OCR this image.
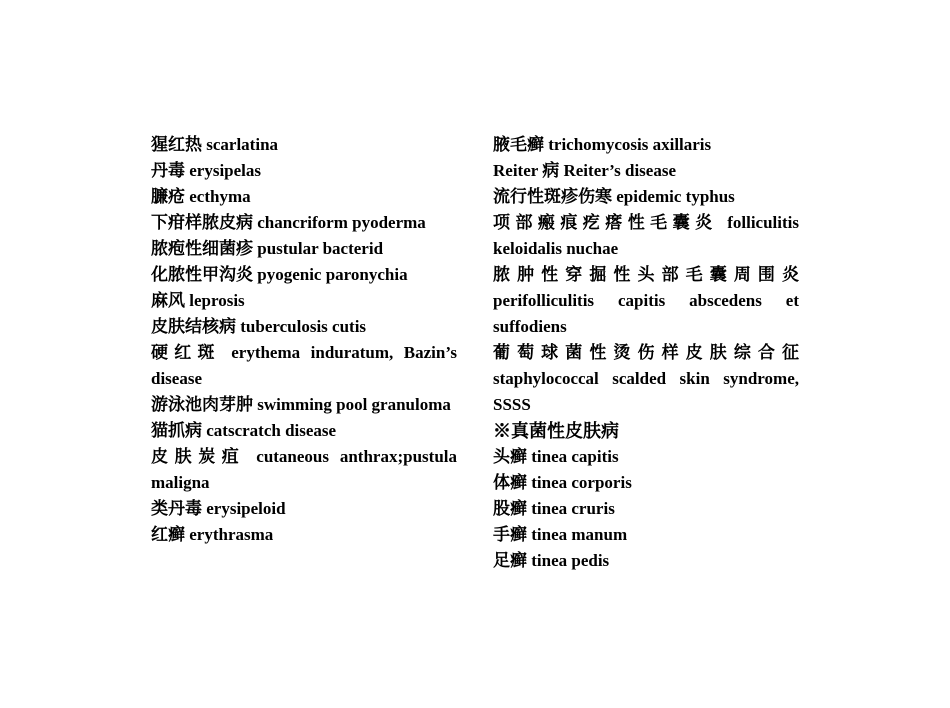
猩红热 scarlatina

丹毒 erysipelas

臁疮 ecthyma

下疳样脓皮病 chancriform pyoderma

脓疱性细菌疹 pustular bacterid

化脓性甲沟炎 pyogenic paronychia

麻风 leprosis

皮肤结核病 tuberculosis cutis

硬红斑 erythema induratum, Bazin’s disease

游泳池肉芽肿 swimming pool granuloma

猫抓病 catscratch disease

皮肤炭疽 cutaneous anthrax;pustula maligna

类丹毒 erysipeloid

红癣 erythrasma

腋毛癣 trichomycosis axillaris

Reiter 病 Reiter’s disease

流行性斑疹伤寒 epidemic typhus

项部瘢痕疙瘩性毛囊炎 folliculitis keloidalis nuchae

脓肿性穿掘性头部毛囊周围炎 perifolliculitis capitis abscedens et suffodiens

葡萄球菌性烫伤样皮肤综合征 staphylococcal scalded skin syndrome, SSSS

※真菌性皮肤病

头癣 tinea capitis

体癣 tinea corporis

股癣 tinea cruris

手癣 tinea manum

足癣 tinea pedis
